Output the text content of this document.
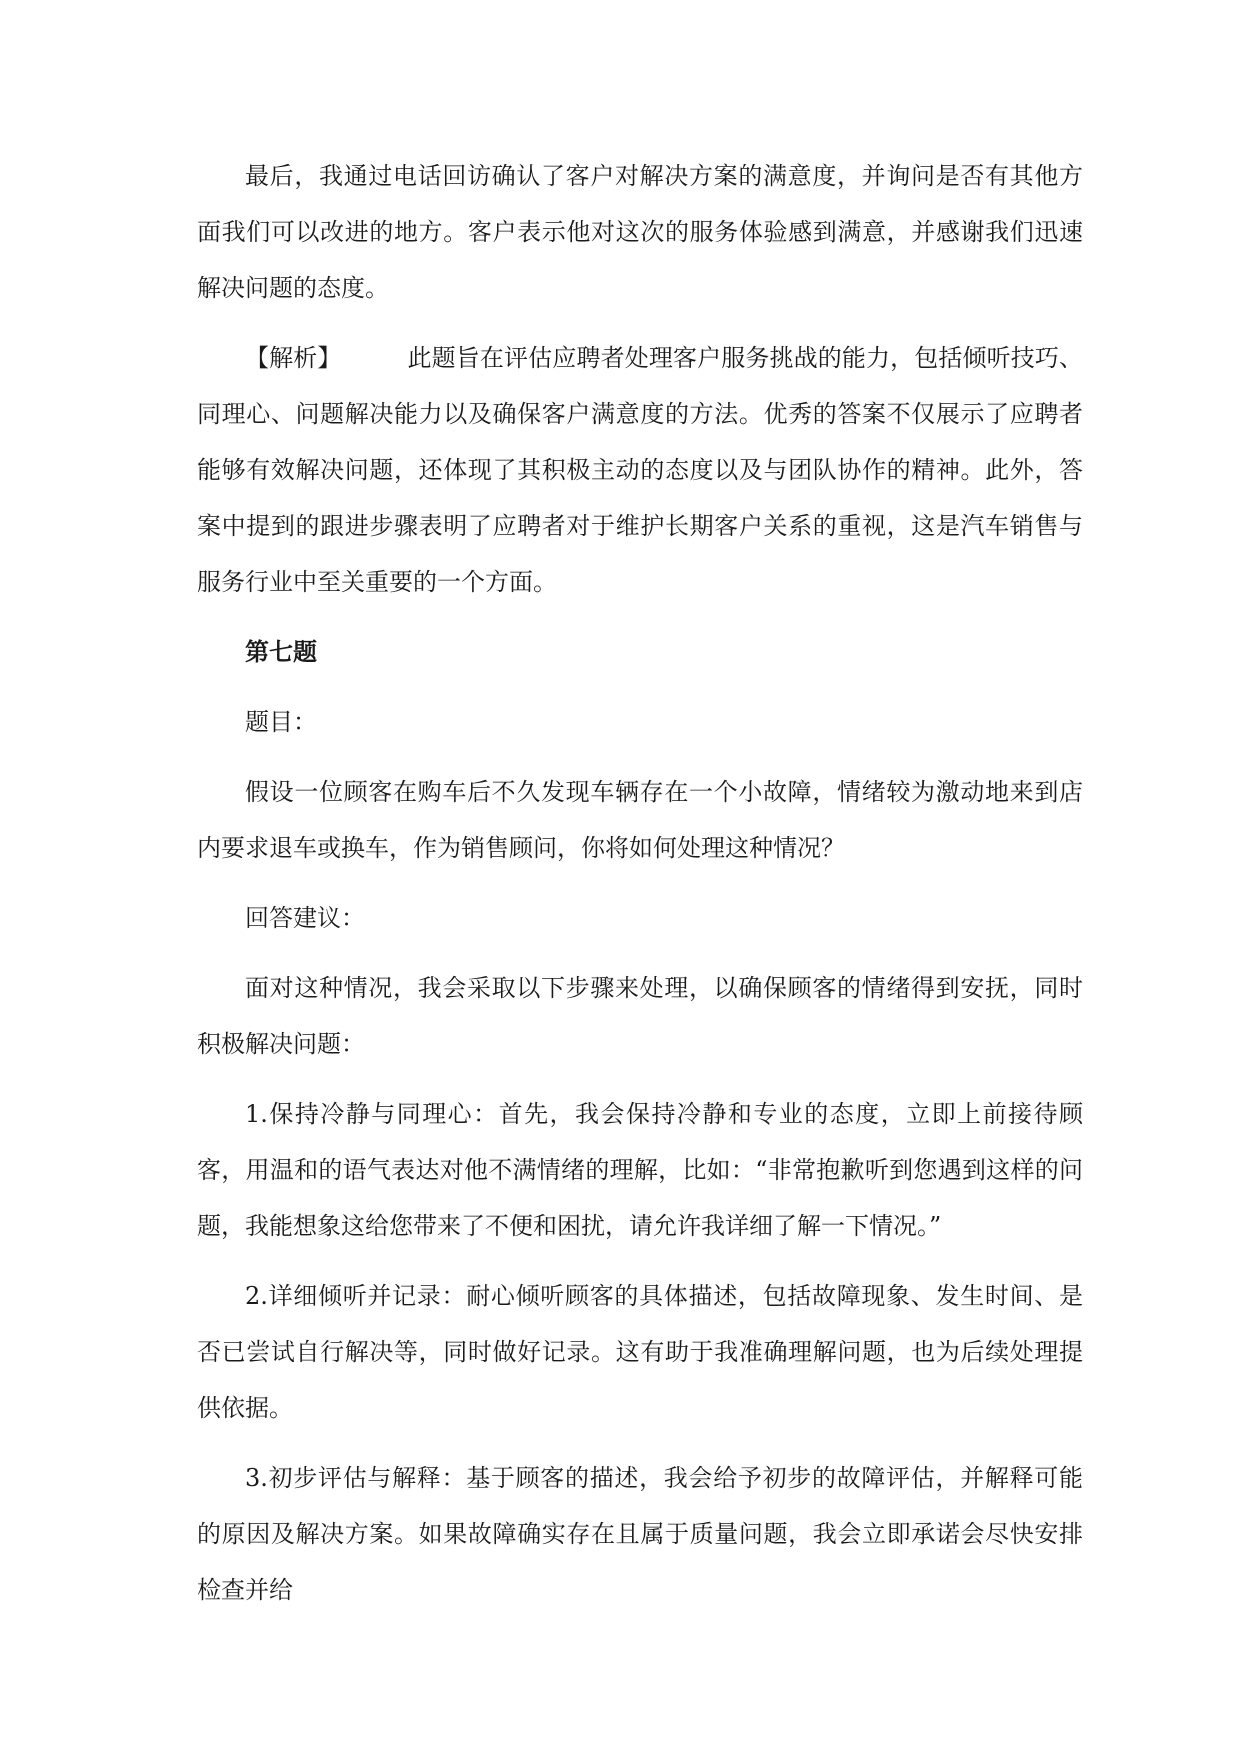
最后，我通过电话回访确认了客户对解决方案的满意度，并询问是否有其他方面我们可以改进的地方。客户表示他对这次的服务体验感到满意，并感谢我们迅速解决问题的态度。

【解析】	此题旨在评估应聘者处理客户服务挑战的能力，包括倾听技巧、同理心、问题解决能力以及确保客户满意度的方法。优秀的答案不仅展示了应聘者能够有效解决问题，还体现了其积极主动的态度以及与团队协作的精神。此外，答案中提到的跟进步骤表明了应聘者对于维护长期客户关系的重视，这是汽车销售与服务行业中至关重要的一个方面。

第七题

题目：

假设一位顾客在购车后不久发现车辆存在一个小故障，情绪较为激动地来到店内要求退车或换车，作为销售顾问，你将如何处理这种情况？

回答建议：

面对这种情况，我会采取以下步骤来处理，以确保顾客的情绪得到安抚，同时积极解决问题：

1.保持冷静与同理心：首先，我会保持冷静和专业的态度，立即上前接待顾客，用温和的语气表达对他不满情绪的理解，比如：“非常抱歉听到您遇到这样的问题，我能想象这给您带来了不便和困扰，请允许我详细了解一下情况。”

2.详细倾听并记录：耐心倾听顾客的具体描述，包括故障现象、发生时间、是否已尝试自行解决等，同时做好记录。这有助于我准确理解问题，也为后续处理提供依据。

3.初步评估与解释：基于顾客的描述，我会给予初步的故障评估，并解释可能的原因及解决方案。如果故障确实存在且属于质量问题，我会立即承诺会尽快安排检查并给
